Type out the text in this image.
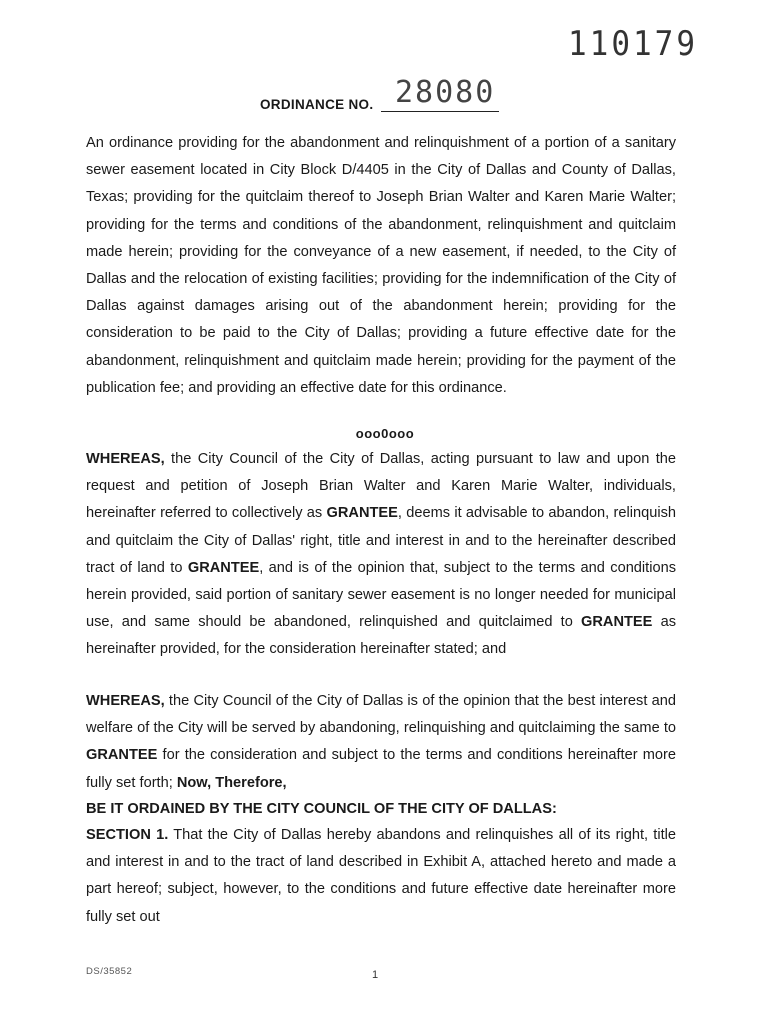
110179
ORDINANCE NO. 28080

An ordinance providing for the abandonment and relinquishment of a portion of a sanitary sewer easement located in City Block D/4405 in the City of Dallas and County of Dallas, Texas; providing for the quitclaim thereof to Joseph Brian Walter and Karen Marie Walter; providing for the terms and conditions of the abandonment, relinquishment and quitclaim made herein; providing for the conveyance of a new easement, if needed, to the City of Dallas and the relocation of existing facilities; providing for the indemnification of the City of Dallas against damages arising out of the abandonment herein; providing for the consideration to be paid to the City of Dallas; providing a future effective date for the abandonment, relinquishment and quitclaim made herein; providing for the payment of the publication fee; and providing an effective date for this ordinance.

ooo0ooo

WHEREAS, the City Council of the City of Dallas, acting pursuant to law and upon the request and petition of Joseph Brian Walter and Karen Marie Walter, individuals, hereinafter referred to collectively as GRANTEE, deems it advisable to abandon, relinquish and quitclaim the City of Dallas' right, title and interest in and to the hereinafter described tract of land to GRANTEE, and is of the opinion that, subject to the terms and conditions herein provided, said portion of sanitary sewer easement is no longer needed for municipal use, and same should be abandoned, relinquished and quitclaimed to GRANTEE as hereinafter provided, for the consideration hereinafter stated; and

WHEREAS, the City Council of the City of Dallas is of the opinion that the best interest and welfare of the City will be served by abandoning, relinquishing and quitclaiming the same to GRANTEE for the consideration and subject to the terms and conditions hereinafter more fully set forth; Now, Therefore,

BE IT ORDAINED BY THE CITY COUNCIL OF THE CITY OF DALLAS:

SECTION 1. That the City of Dallas hereby abandons and relinquishes all of its right, title and interest in and to the tract of land described in Exhibit A, attached hereto and made a part hereof; subject, however, to the conditions and future effective date hereinafter more fully set out

DS/35852	1
